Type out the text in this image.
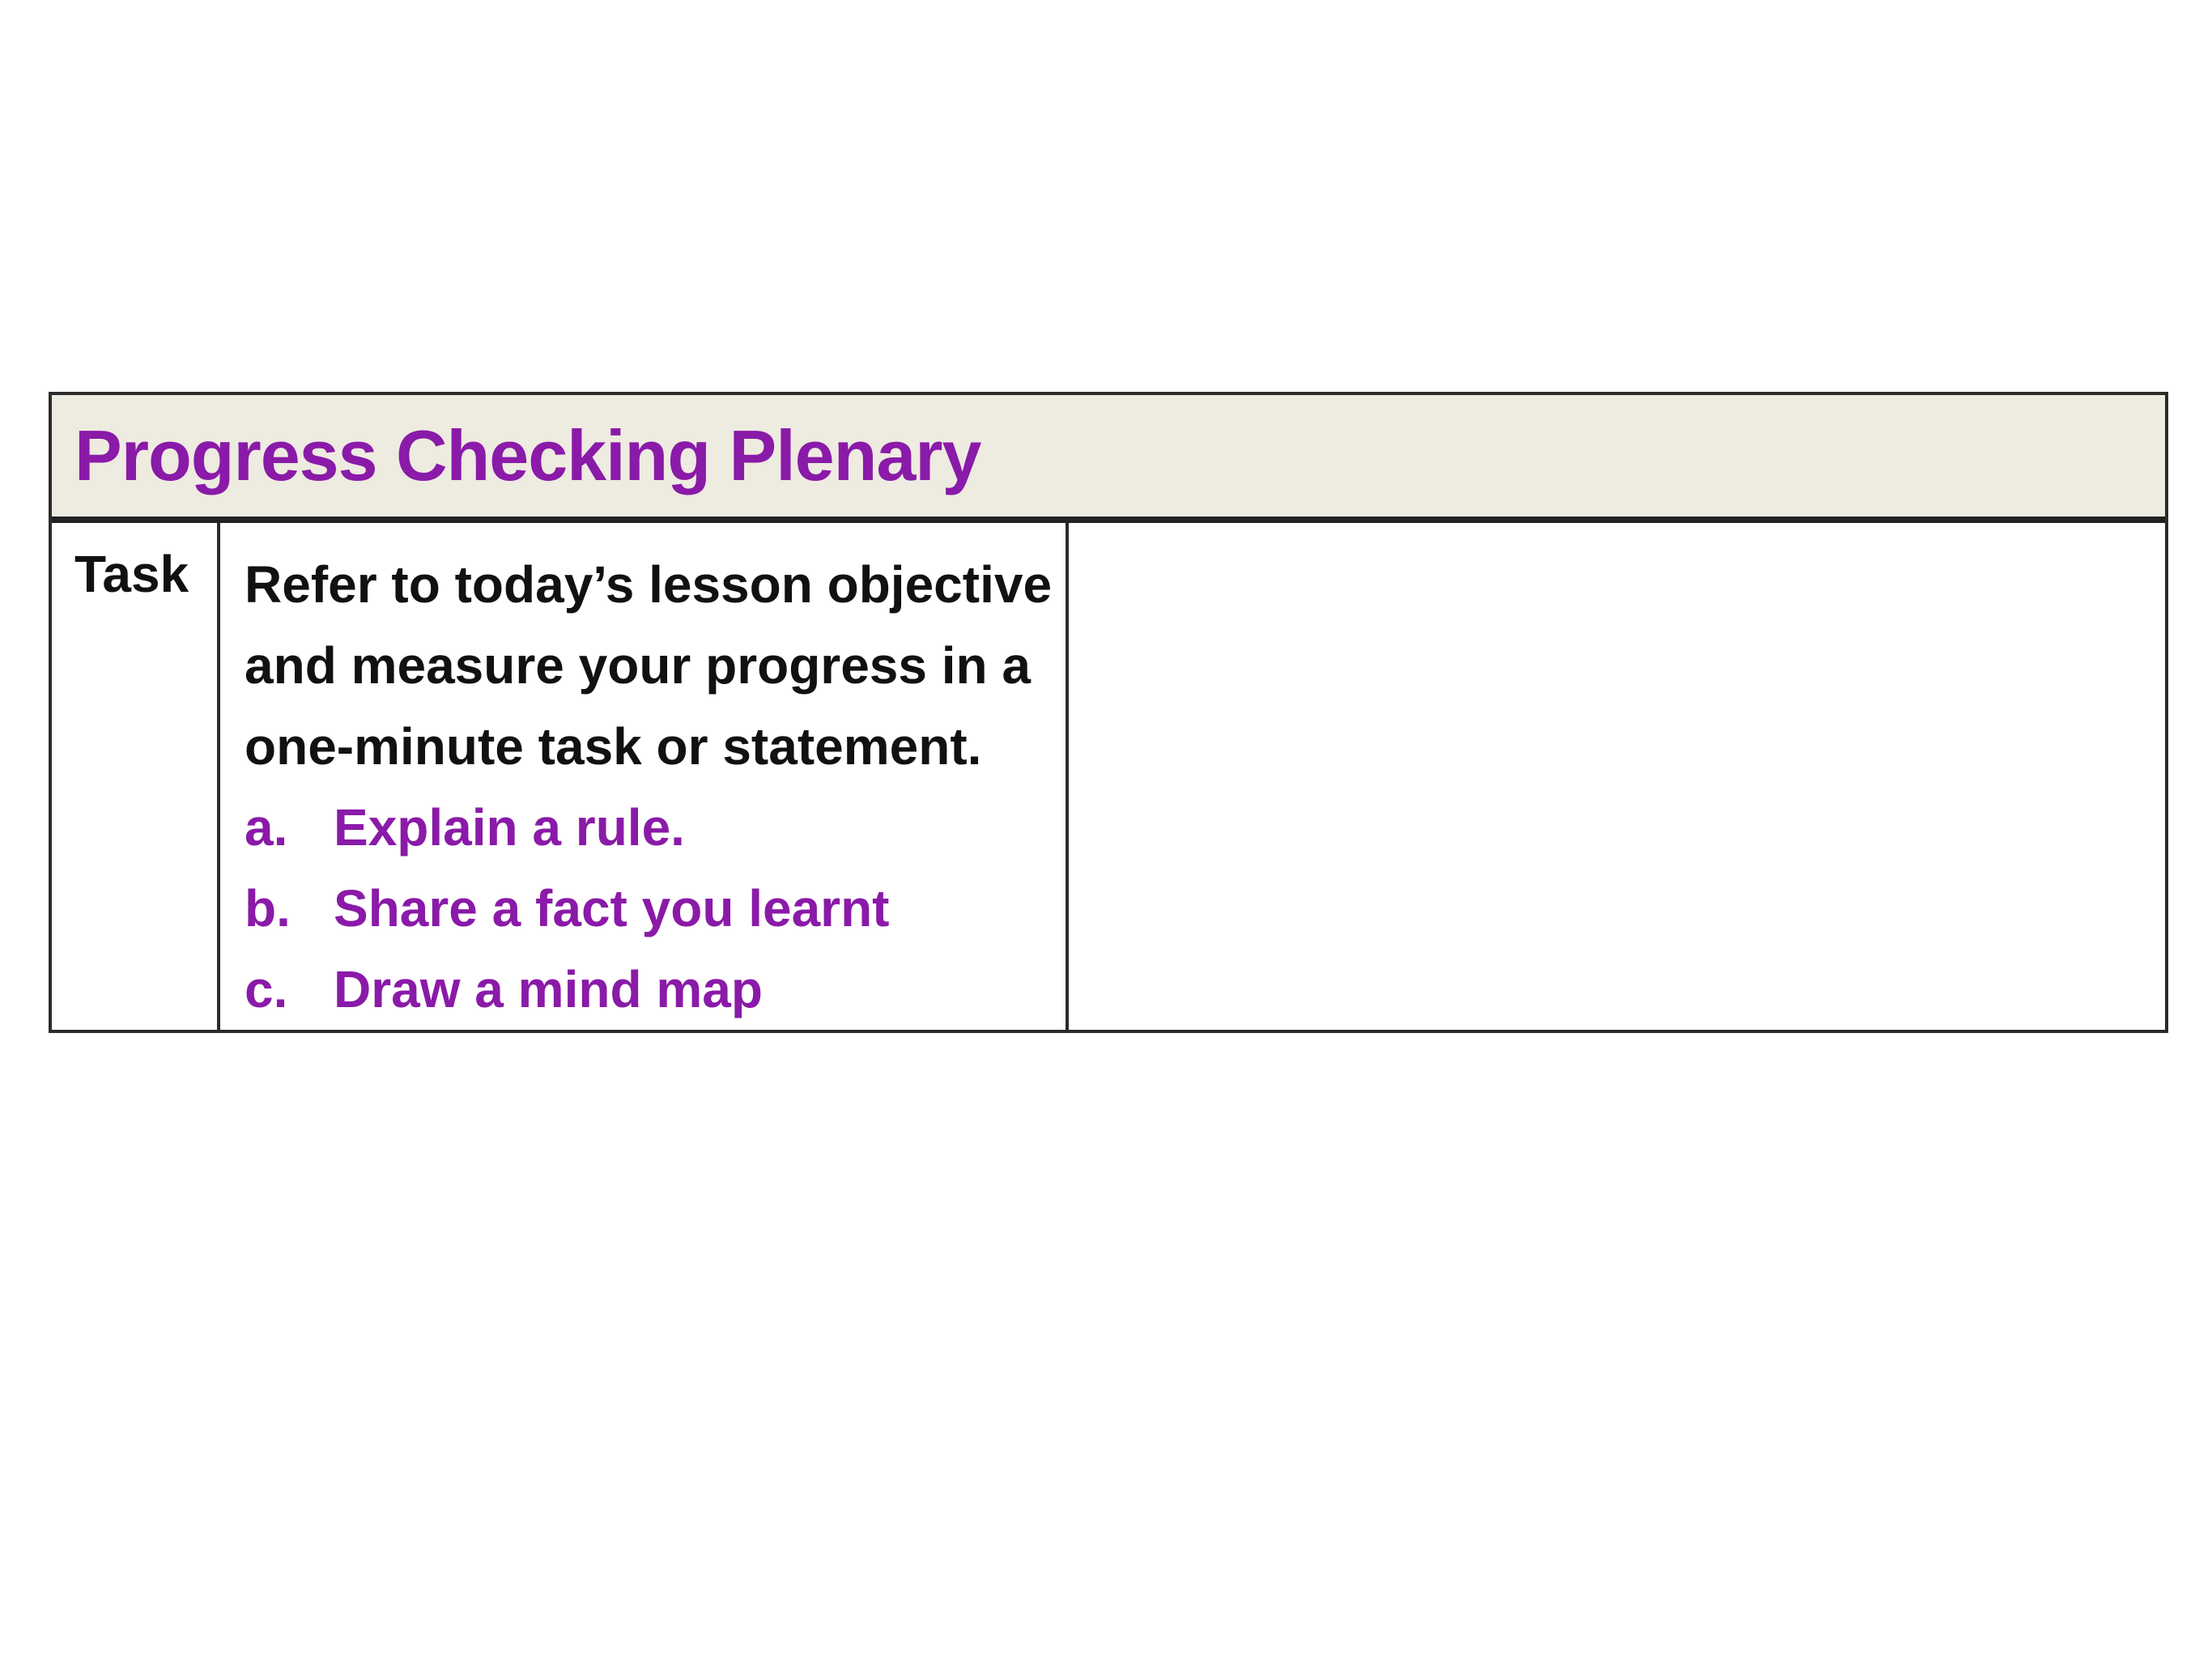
Progress Checking Plenary
Task	Refer to today’s lesson objective
and measure your progress in a
one-minute task or statement.
a. Explain a rule.
b. Share a fact you learnt
c. Draw a mind map
